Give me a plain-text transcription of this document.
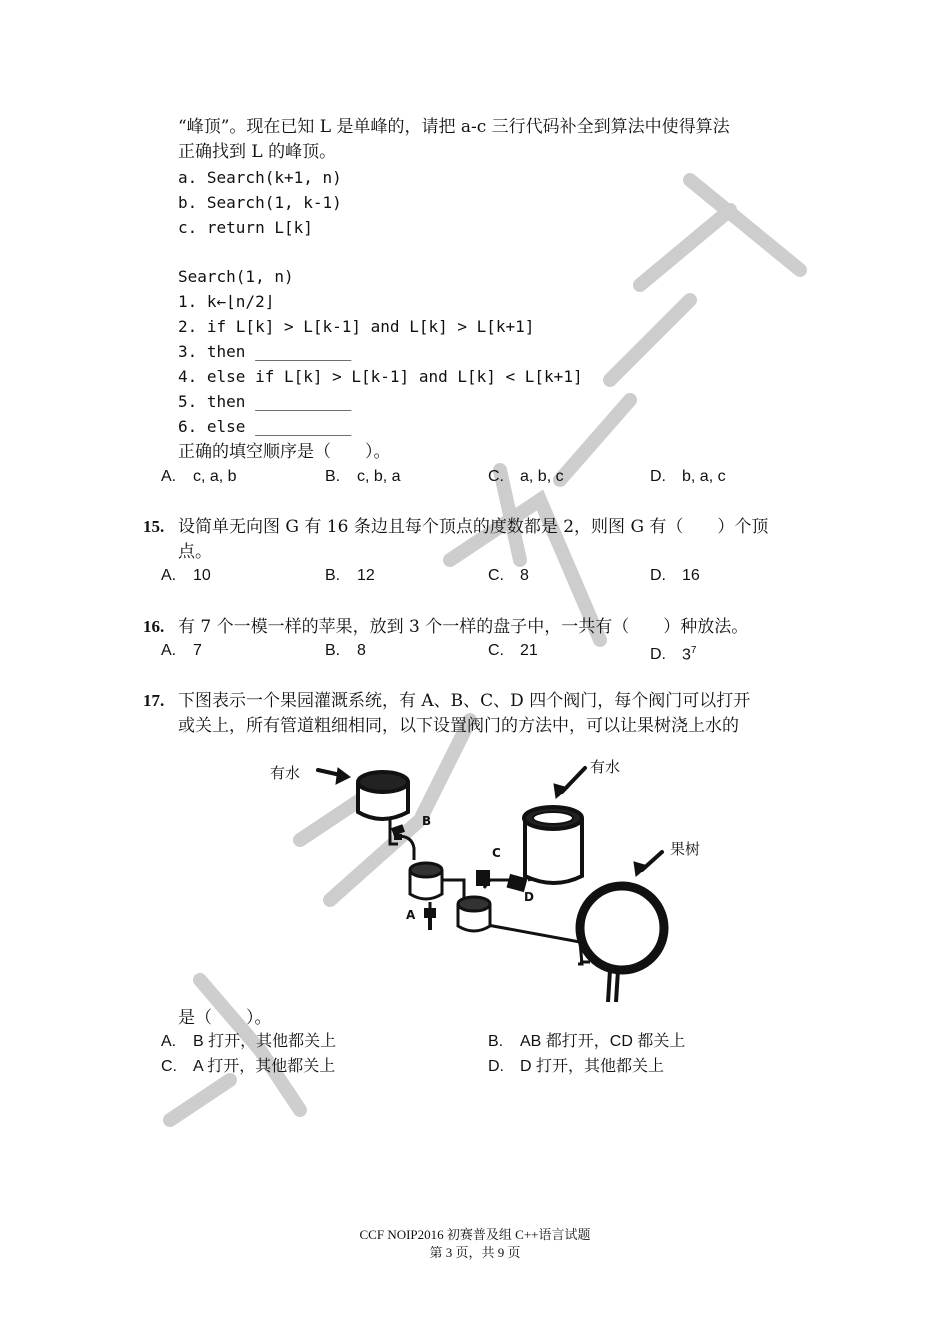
“峰顶”。现在已知 L 是单峰的，请把 a-c 三行代码补全到算法中使得算法
正确找到 L 的峰顶。
a. Search(k+1, n)
b. Search(1, k-1)
c. return L[k]
Search(1, n)
1. k←⌊n/2⌋
2. if L[k] > L[k-1] and L[k] > L[k+1]
3. then __________
4. else if L[k] > L[k-1] and L[k] < L[k+1]
5. then __________
6. else __________
正确的填空顺序是（　　）。
A. c, a, b	B. c, b, a	C. a, b, c	D. b, a, c
15. 设简单无向图 G 有 16 条边且每个顶点的度数都是 2，则图 G 有（　　）个顶
点。
A. 10	B. 12	C. 8	D. 16
16. 有 7 个一模一样的苹果，放到 3 个一样的盘子中，一共有（　　）种放法。
A. 7	B. 8	C. 21	D. $3^7$
17. 下图表示一个果园灌溉系统，有 A、B、C、D 四个阀门，每个阀门可以打开
或关上，所有管道粗细相同，以下设置阀门的方法中，可以让果树浇上水的
有水	有水
果树
B
A
C
D
是（　　）。
A. B 打开，其他都关上	B. AB 都打开，CD 都关上
C. A 打开，其他都关上	D. D 打开，其他都关上
CCF NOIP2016 初赛普及组 C++语言试题
第 3 页，共 9 页
